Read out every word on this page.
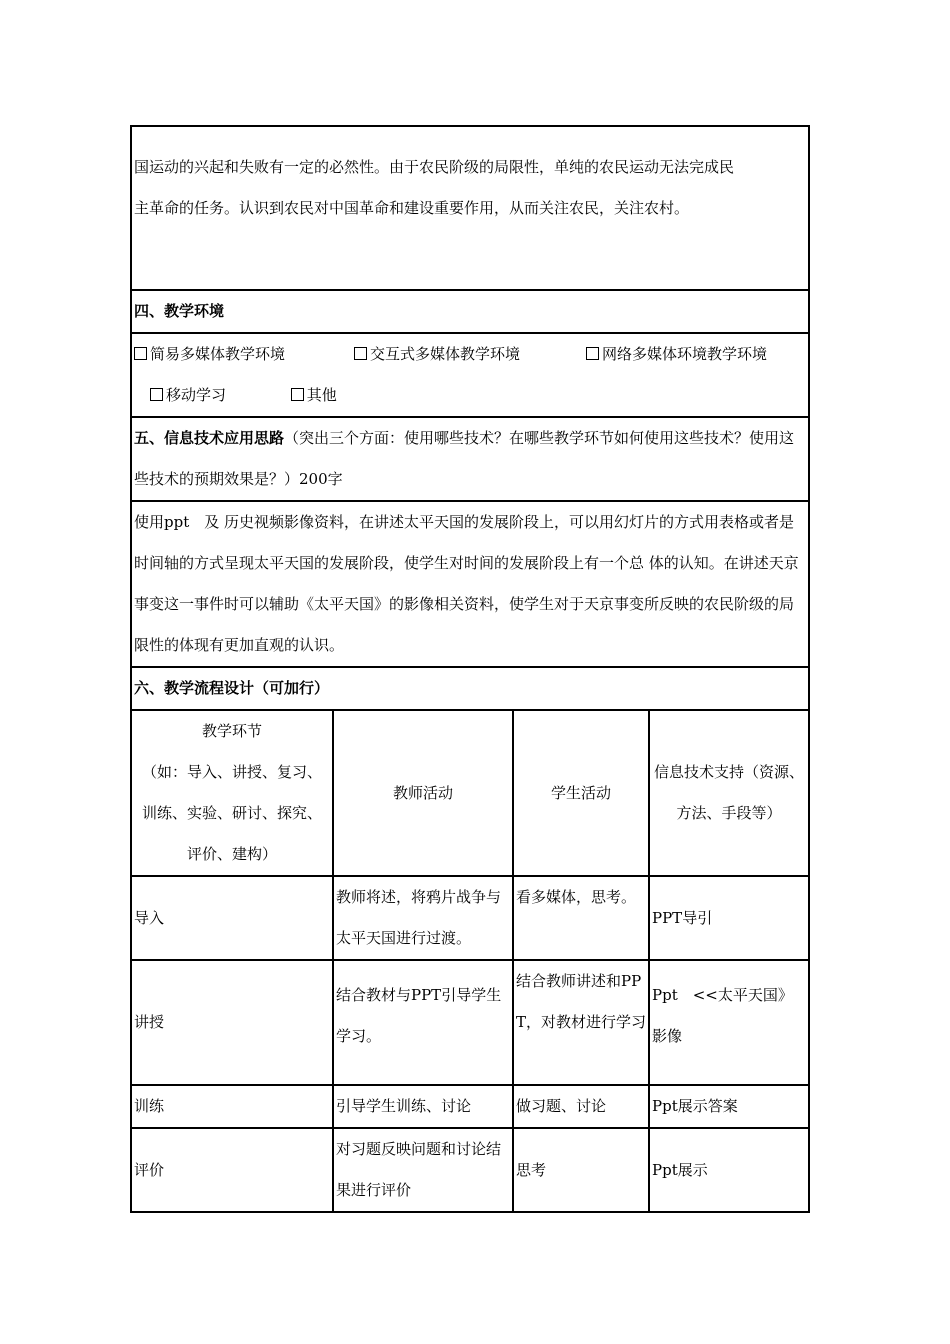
国运动的兴起和失败有一定的必然性。由于农民阶级的局限性，单纯的农民运动无法完成民
主革命的任务。认识到农民对中国革命和建设重要作用，从而关注农民，关注农村。			

四、教学环境			

简易多媒体教学环境 交互式多媒体教学环境 网络多媒体环境教学环境
移动学习 其他			

五、信息技术应用思路（突出三个方面：使用哪些技术？在哪些教学环节如何使用这些技术？使用这些技术的预期效果是？）200字			
使用ppt　及 历史视频影像资料，在讲述太平天国的发展阶段上，可以用幻灯片的方式用表格或者是时间轴的方式呈现太平天国的发展阶段，使学生对时间的发展阶段上有一个总 体的认知。在讲述天京事变这一事件时可以辅助《太平天国》的影像相关资料，使学生对于天京事变所反映的农民阶级的局限性的体现有更加直观的认识。			
六、教学流程设计（可加行）			

教学环节
（如：导入、讲授、复习、训练、实验、研讨、探究、评价、建构）	教师活动	学生活动	信息技术支持（资源、方法、手段等）
导入	教师将述，将鸦片战争与太平天国进行过渡。	看多媒体，思考。	PPT导引
讲授	结合教材与PPT引导学生学习。	结合教师讲述和PPT，对教材进行学习	Ppt　<<太平天国》影像
训练	引导学生训练、讨论	做习题、讨论	Ppt展示答案
评价	对习题反映问题和讨论结果进行评价	思考	Ppt展示
